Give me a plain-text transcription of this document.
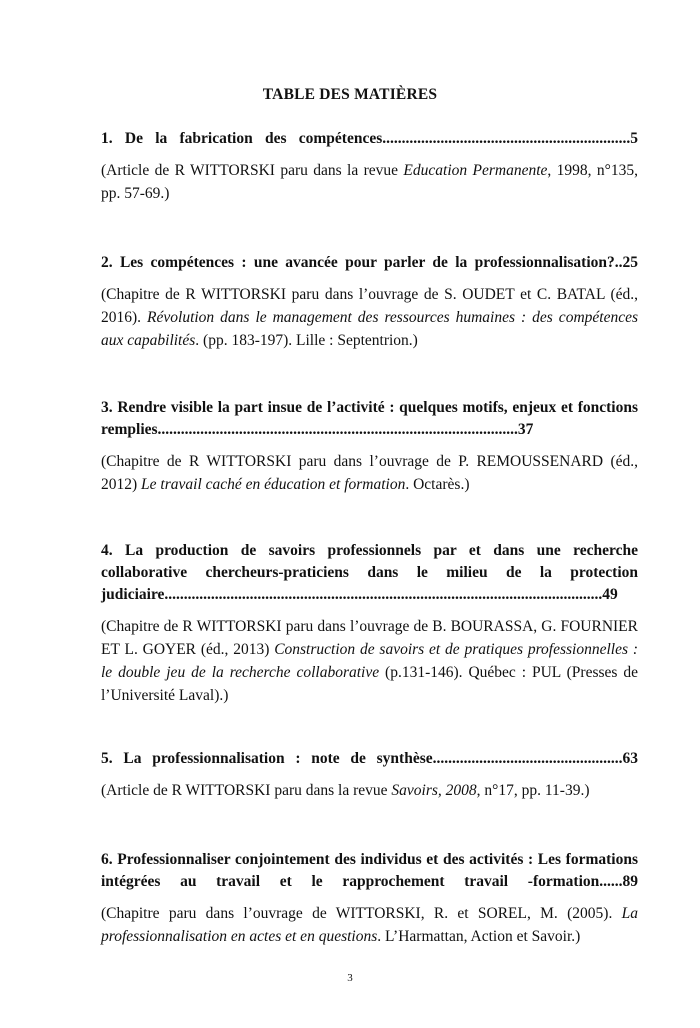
TABLE DES MATIÈRES
1. De la fabrication des compétences................................................................5
(Article de R WITTORSKI paru dans la revue Education Permanente, 1998, n°135, pp. 57-69.)
2. Les compétences : une avancée pour parler de la professionnalisation?..25
(Chapitre de R WITTORSKI paru dans l’ouvrage de S. OUDET et C. BATAL (éd., 2016). Révolution dans le management des ressources humaines : des compétences aux capabilités. (pp. 183-197). Lille : Septentrion.)
3. Rendre visible la part insue de l’activité : quelques motifs, enjeux et fonctions remplies.............................................................................................37
(Chapitre de R WITTORSKI paru dans l’ouvrage de P. REMOUSSENARD (éd., 2012) Le travail caché en éducation et formation. Octarès.)
4. La production de savoirs professionnels par et dans une recherche collaborative chercheurs-praticiens dans le milieu de la protection judiciaire.................................................................................................................49
(Chapitre de R WITTORSKI paru dans l’ouvrage de B. BOURASSA, G. FOURNIER ET L. GOYER (éd., 2013) Construction de savoirs et de pratiques professionnelles : le double jeu de la recherche collaborative (p.131-146). Québec : PUL (Presses de l’Université Laval).)
5. La professionnalisation : note de synthèse.................................................63
(Article de R WITTORSKI paru dans la revue Savoirs, 2008, n°17, pp. 11-39.)
6. Professionnaliser conjointement des individus et des activités : Les formations intégrées au travail et le rapprochement travail -formation......89
(Chapitre paru dans l’ouvrage de WITTORSKI, R. et SOREL, M. (2005). La professionnalisation en actes et en questions. L’Harmattan, Action et Savoir.)
3
